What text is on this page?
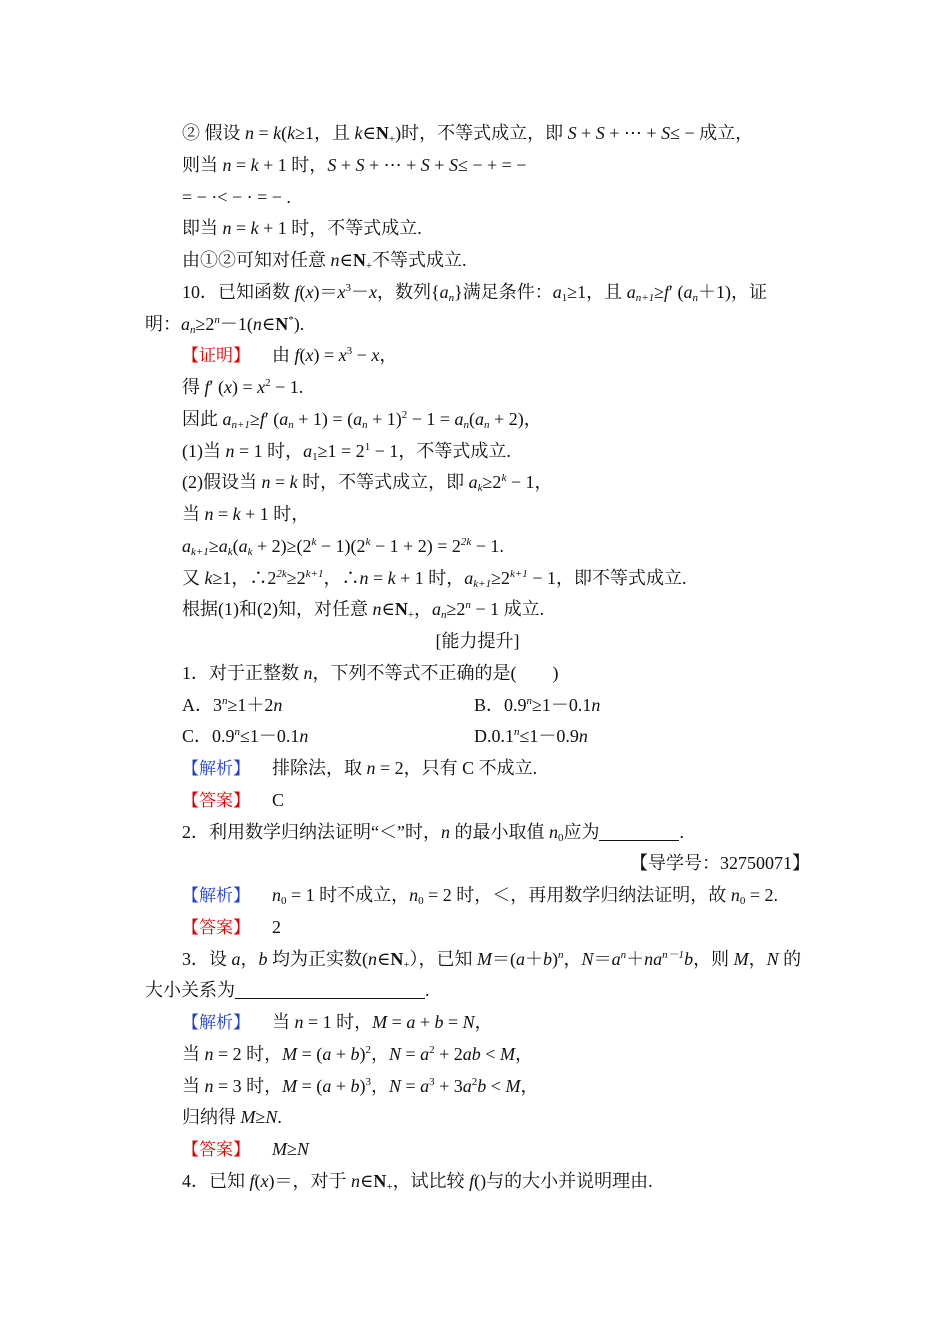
② 假设 n = k(k≥1，且 $k\in N_+$)时，不等式成立，即 S + S + ⋯ + S≤ − 成立，
则当 n = k + 1 时，S + S + ⋯ + S + S≤ − + = −
= − ·< − · = − .
即当 n = k + 1 时，不等式成立.
由①②可知对任意 $n\in N_+$不等式成立.
10．已知函数 $f(x)=x^3-x$，数列$\{a_n\}$满足条件：$a_1\ge 1$，且 $a_{n+1}\ge f'$ $(a_n+1)$，证
明：$a_n\ge 2^n-1(n\in N^*)$.
【证明】 由 $f(x) = x^3 - x$，
得 f′ $(x) = x^2 - 1$.
因此 $a_{n+1}\ge f'$ $(a_n + 1) = (a_n + 1)^2 - 1 = a_n(a_n + 2)$，
(1)当 n = 1 时，$a_1\ge 1 = 2^1 - 1$，不等式成立.
(2)假设当 n = k 时，不等式成立，即 $a_k\ge 2^k - 1$，
当 n = k + 1 时，
$a_{k+1}\ge a_k(a_k + 2)\ge(2^k - 1)(2^k - 1 + 2) = 2^{2k} - 1$.
又 k≥1，$\therefore 2^{2k}\ge 2^{k+1}$，∴n = k + 1 时，$a_{k+1}\ge 2^{k+1} - 1$，即不等式成立.
根据(1)和(2)知，对任意 $n\in N_+$，$a_n\ge 2^n - 1$ 成立.
[能力提升]
1．对于正整数 n，下列不等式不正确的是(　　)
A．$3^n\ge 1+2n$	B．$0.9^n\ge 1-0.1n$
C．$0.9^n\le 1-0.1n$	$D.0.1^n\le 1-0.9n$
【解析】 排除法，取 n = 2，只有 C 不成立.
【答案】 C
2．利用数学归纳法证明“＜”时，n 的最小取值 $n_0$应为	.
【导学号：32750071】
【解析】 $n_0 = 1$ 时不成立，$n_0 = 2$ 时，＜，再用数学归纳法证明，故 $n_0 = 2$.
【答案】 2
3．设 a，b 均为正实数$(n\in N_+)$，已知 $M=(a+b)^n$，$N=a^n+na^{n-1}b$，则 M，N 的
大小关系为	.
【解析】 当 n = 1 时，M = a + b = N，
当 n = 2 时，$M = (a + b)^2$，$N = a^2 + 2ab < M$，
当 n = 3 时，$M = (a + b)^3$，$N = a^3 + 3a^2b < M$，
归纳得 M≥N.
【答案】 M≥N
4．已知 f(x)＝，对于 $n\in N_+$，试比较 f()与的大小并说明理由.
